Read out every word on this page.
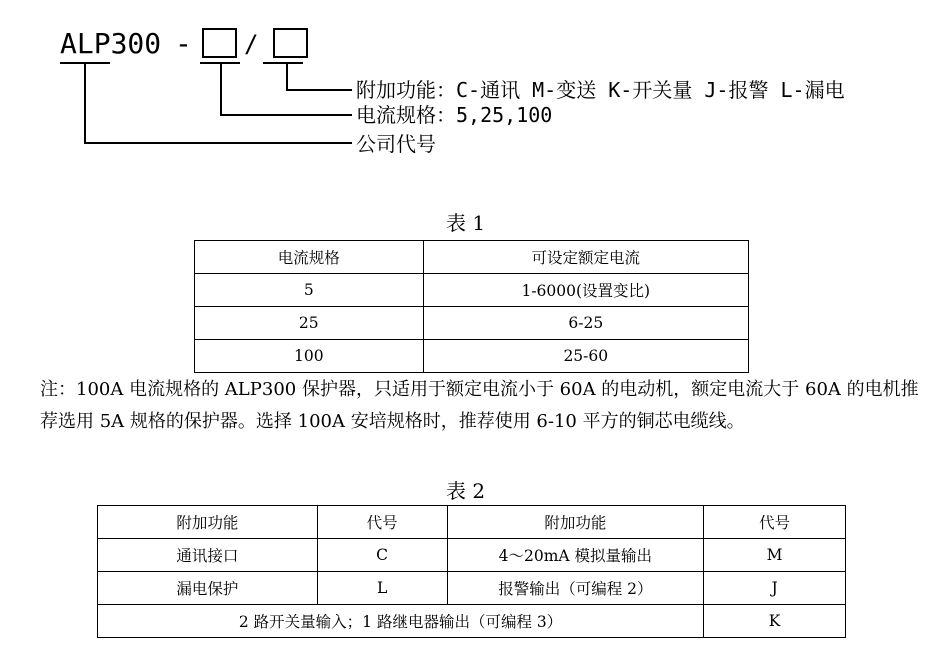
ALP300 - /
附加功能：C-通讯 M-变送 K-开关量 J-报警 L-漏电
电流规格：5,25,100
公司代号
表 1
电流规格	可设定额定电流
5	1-6000(设置变比)
25	6-25
100	25-60
注：100A 电流规格的 ALP300 保护器，只适用于额定电流小于 60A 的电动机，额定电流大于 60A 的电机推荐选用 5A 规格的保护器。选择 100A 安培规格时，推荐使用 6-10 平方的铜芯电缆线。
表 2
附加功能	代号	附加功能	代号
通讯接口	C	4～20mA 模拟量输出	M
漏电保护	L	报警输出（可编程 2）	J
2 路开关量输入；1 路继电器输出（可编程 3）			K
